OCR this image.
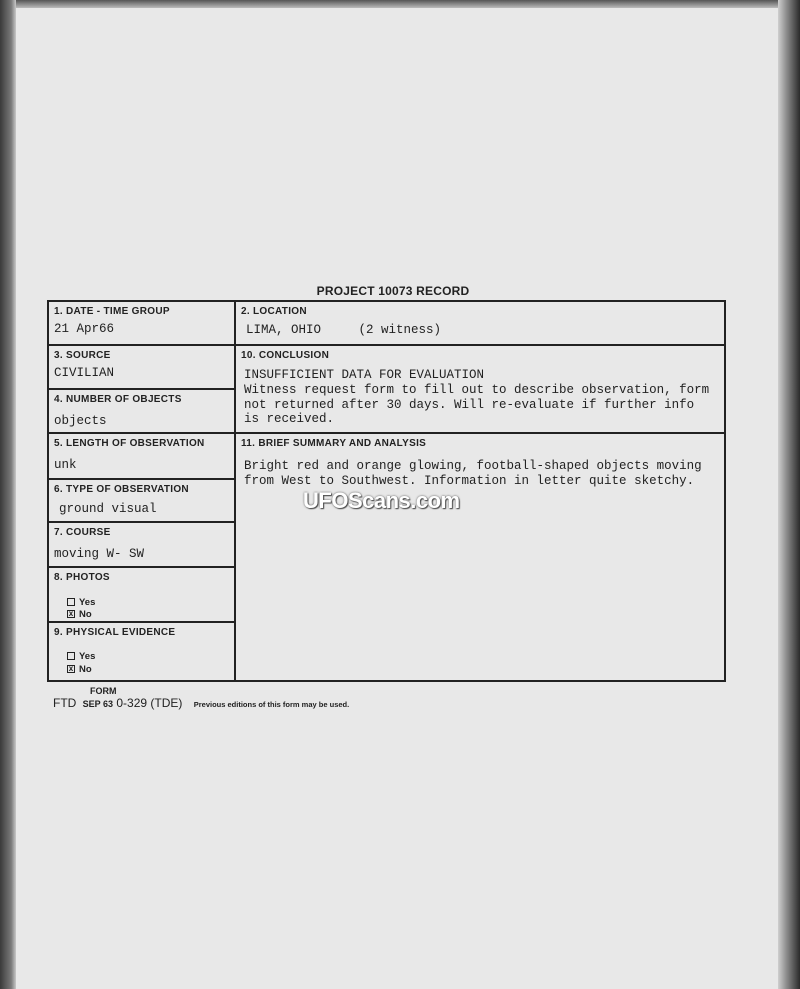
PROJECT 10073 RECORD
1. DATE - TIME GROUP
21 Apr66
2. LOCATION
LIMA, OHIO     (2 witness)
3. SOURCE
CIVILIAN
4. NUMBER OF OBJECTS
objects
10. CONCLUSION
INSUFFICIENT DATA FOR EVALUATION
Witness request form to fill out to describe observation, form not returned after 30 days. Will re-evaluate if further info is received.
5. LENGTH OF OBSERVATION
unk
6. TYPE OF OBSERVATION
ground visual
7. COURSE
moving W- SW
8. PHOTOS
Yes
x No
9. PHYSICAL EVIDENCE
Yes
x No
11. BRIEF SUMMARY AND ANALYSIS
Bright red and orange glowing, football-shaped objects moving from West to Southwest. Information in letter quite sketchy.
UFOScans.com
FORM
FTD SEP 63 0-329 (TDE) Previous editions of this form may be used.
